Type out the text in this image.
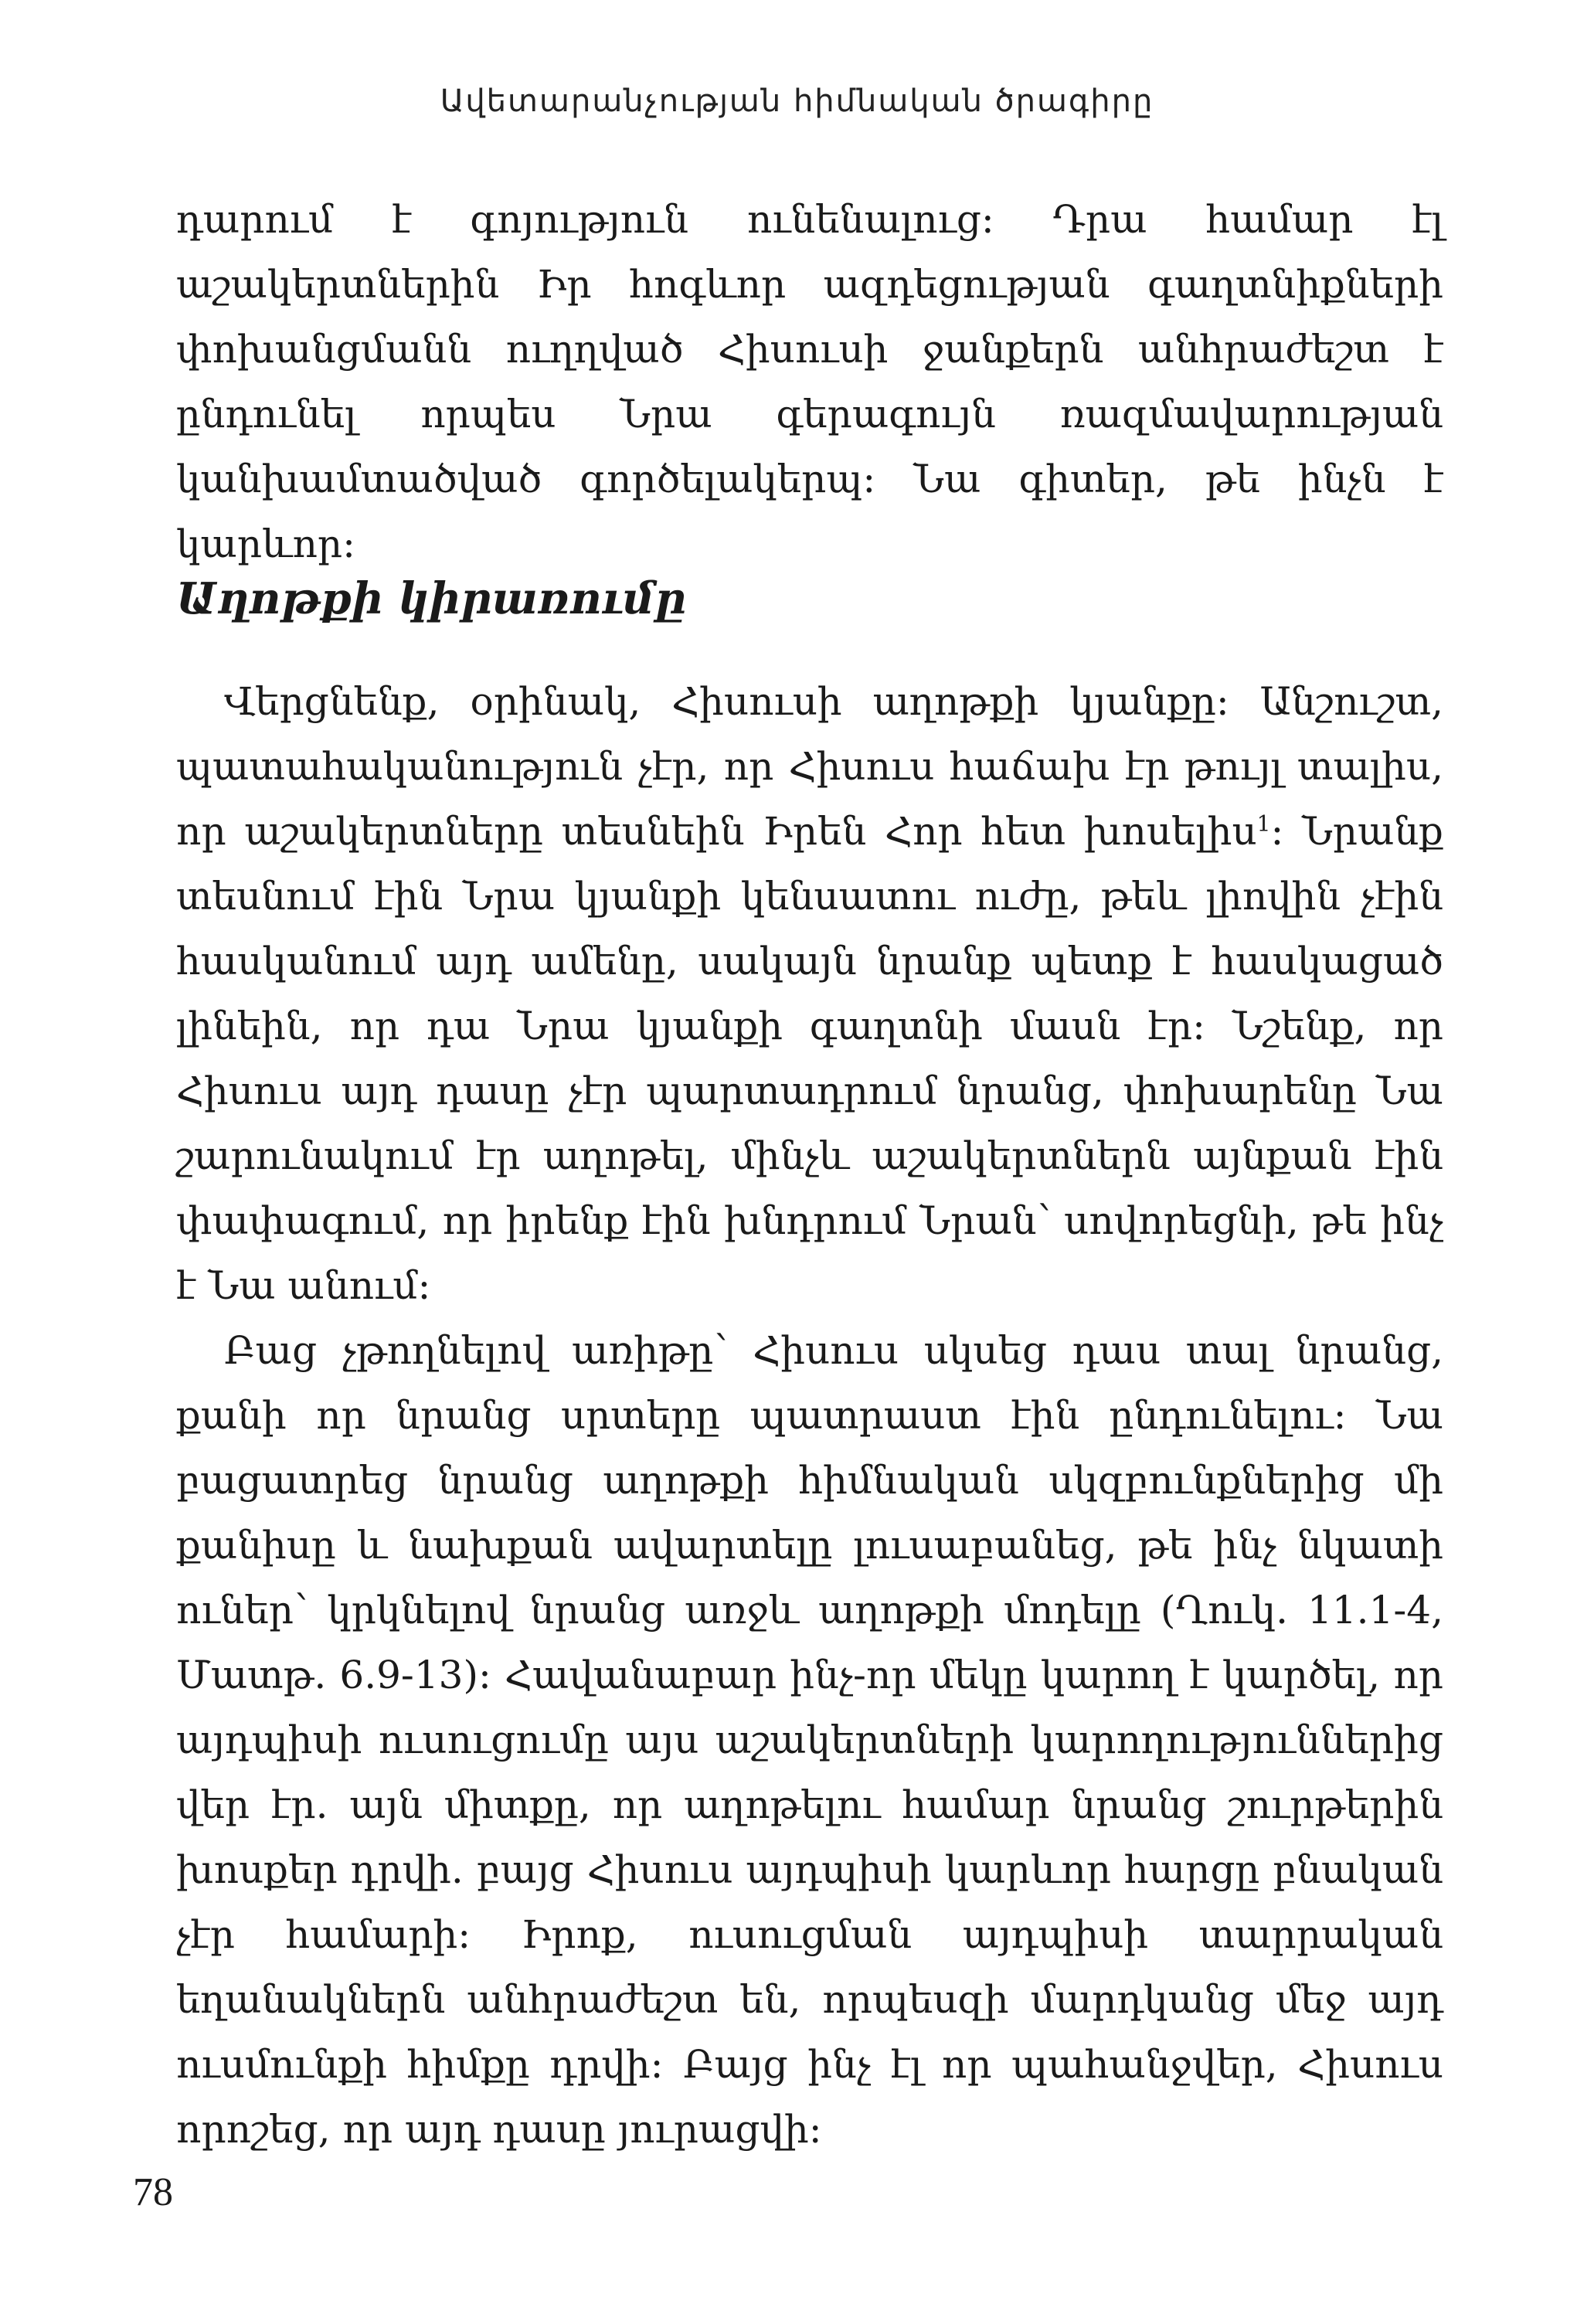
Ավետարանչության հիմնական ծրագիրը

դարում է գոյություն ունենալուց: Դրա համար էլ աշակերտներին Իր հոգևոր ազդեցության գաղտնիքների փոխանցմանն ուղղված Հիսուսի ջանքերն անհրաժեշտ է ընդունել որպես Նրա գերագույն ռազմավարության կանխամտածված գործելակերպ: Նա գիտեր, թե ինչն է կարևոր:

Աղոթքի կիրառումը

Վերցնենք, օրինակ, Հիսուսի աղոթքի կյանքը: Անշուշտ, պատահականություն չէր, որ Հիսուս հաճախ էր թույլ տալիս, որ աշակերտները տեսնեին Իրեն Հոր հետ խոսելիս$^1$: Նրանք տեսնում էին Նրա կյանքի կենսատու ուժը, թեև լիովին չէին հասկանում այդ ամենը, սակայն նրանք պետք է հասկացած լինեին, որ դա Նրա կյանքի գաղտնի մասն էր: Նշենք, որ Հիսուս այդ դասը չէր պարտադրում նրանց, փոխարենը Նա շարունակում էր աղոթել, մինչև աշակերտներն այնքան էին փափագում, որ իրենք էին խնդրում Նրան՝ սովորեցնի, թե ինչ է Նա անում:

Բաց չթողնելով առիթը՝ Հիսուս սկսեց դաս տալ նրանց, քանի որ նրանց սրտերը պատրաստ էին ընդունելու: Նա բացատրեց նրանց աղոթքի հիմնական սկզբունքներից մի քանիսը և նախքան ավարտելը լուսաբանեց, թե ինչ նկատի ուներ՝ կրկնելով նրանց առջև աղոթքի մոդելը (Ղուկ. 11.1-4, Մատթ. 6.9-13): Հավանաբար ինչ-որ մեկը կարող է կարծել, որ այդպիսի ուսուցումը այս աշակերտների կարողություններից վեր էր. այն միտքը, որ աղոթելու համար նրանց շուրթերին խոսքեր դրվի. բայց Հիսուս այդպիսի կարևոր հարցը բնական չէր համարի: Իրոք, ուսուցման այդպիսի տարրական եղանակներն անհրաժեշտ են, որպեսզի մարդկանց մեջ այդ ուսմունքի հիմքը դրվի: Բայց ինչ էլ որ պահանջվեր, Հիսուս որոշեց, որ այդ դասը յուրացվի:

78
